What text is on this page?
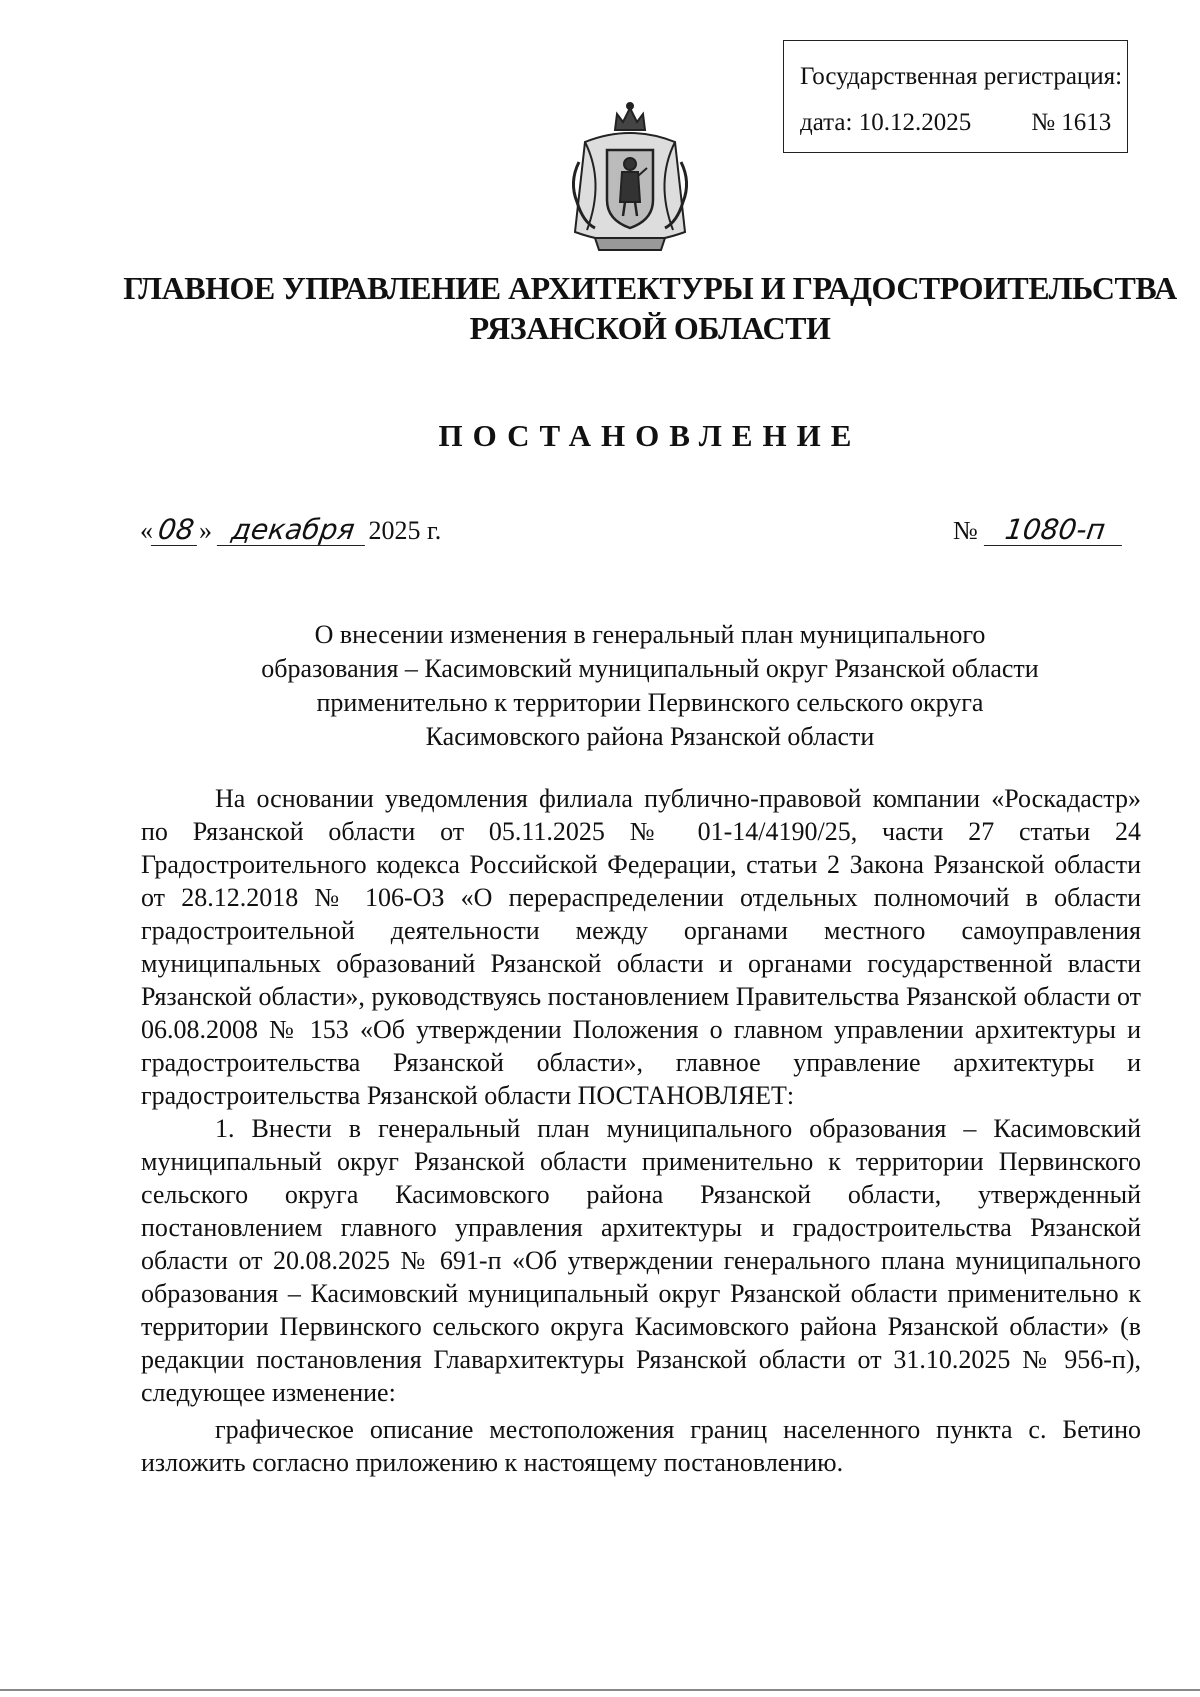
Государственная регистрация:
дата: 10.12.2025 № 1613
ГЛАВНОЕ УПРАВЛЕНИЕ АРХИТЕКТУРЫ И ГРАДОСТРОИТЕЛЬСТВА
РЯЗАНСКОЙ ОБЛАСТИ
ПОСТАНОВЛЕНИЕ
« 08 » декабря 2025 г.	№ 1080-п
О внесении изменения в генеральный план муниципального
образования – Касимовский муниципальный округ Рязанской области
применительно к территории Первинского сельского округа
Касимовского района Рязанской области

На основании уведомления филиала публично-правовой компании «Роскадастр» по Рязанской области от 05.11.2025 № 01-14/4190/25, части 27 статьи 24 Градостроительного кодекса Российской Федерации, статьи 2 Закона Рязанской области от 28.12.2018 № 106-ОЗ «О перераспределении отдельных полномочий в области градостроительной деятельности между органами местного самоуправления муниципальных образований Рязанской области и органами государственной власти Рязанской области», руководствуясь постановлением Правительства Рязанской области от 06.08.2008 № 153 «Об утверждении Положения о главном управлении архитектуры и градостроительства Рязанской области», главное управление архитектуры и градостроительства Рязанской области ПОСТАНОВЛЯЕТ:

1. Внести в генеральный план муниципального образования – Касимовский муниципальный округ Рязанской области применительно к территории Первинского сельского округа Касимовского района Рязанской области, утвержденный постановлением главного управления архитектуры и градостроительства Рязанской области от 20.08.2025 № 691-п «Об утверждении генерального плана муниципального образования – Касимовский муниципальный округ Рязанской области применительно к территории Первинского сельского округа Касимовского района Рязанской области» (в редакции постановления Главархитектуры Рязанской области от 31.10.2025 № 956-п), следующее изменение:

графическое описание местоположения границ населенного пункта с. Бетино изложить согласно приложению к настоящему постановлению.
